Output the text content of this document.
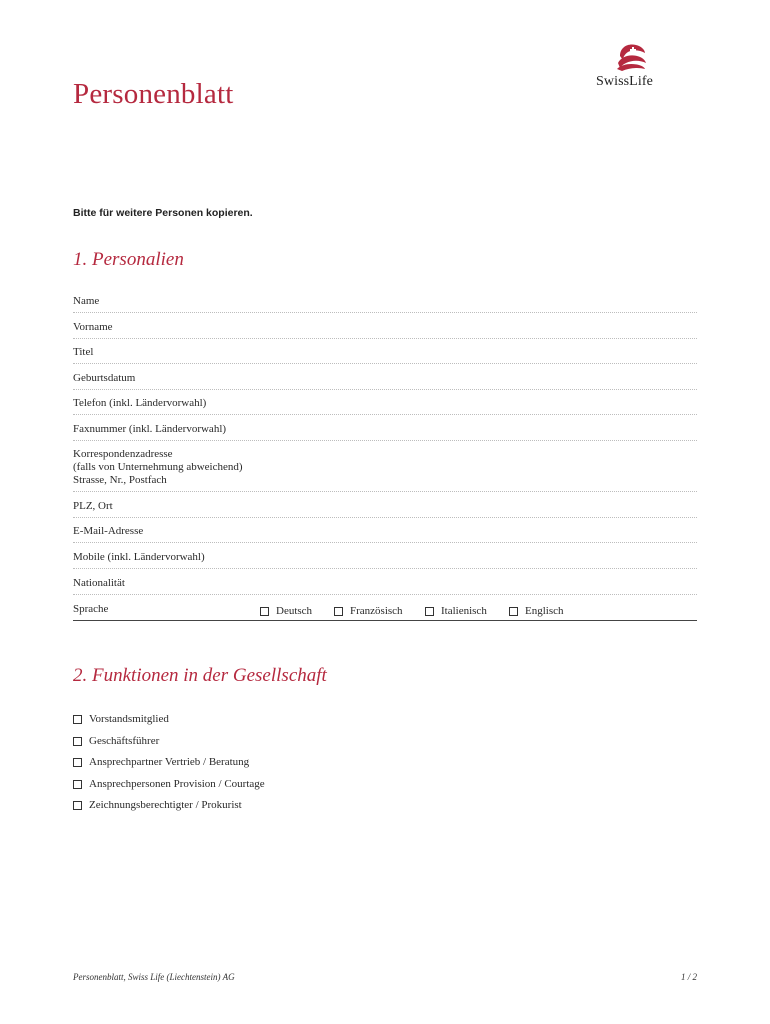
Personenblatt	SwissLife
Bitte für weitere Personen kopieren.
1. Personalien
Name
Vorname
Titel
Geburtsdatum
Telefon (inkl. Ländervorwahl)
Faxnummer (inkl. Ländervorwahl)
Korrespondenzadresse
(falls von Unternehmung abweichend)
Strasse, Nr., Postfach
PLZ, Ort
E-Mail-Adresse
Mobile (inkl. Ländervorwahl)
Nationalität
Sprache	Deutsch	Französisch	Italienisch	Englisch
2. Funktionen in der Gesellschaft
Vorstandsmitglied
Geschäftsführer
Ansprechpartner Vertrieb / Beratung
Ansprechpersonen Provision / Courtage
Zeichnungsberechtigter / Prokurist
Personenblatt, Swiss Life (Liechtenstein) AG	1 / 2
